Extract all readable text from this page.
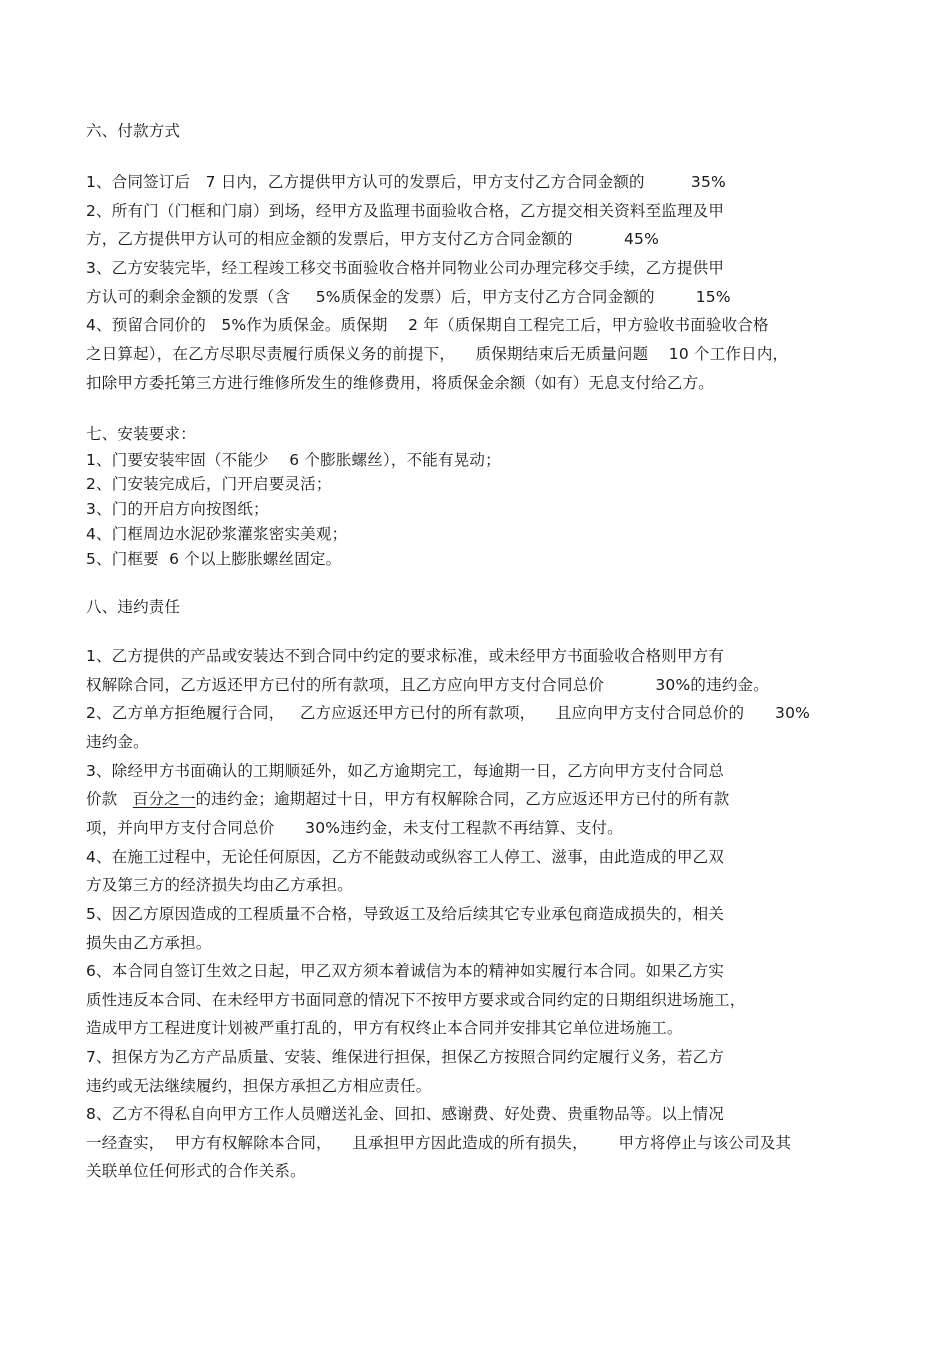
六、付款方式
1、合同签订后   7 日内，乙方提供甲方认可的发票后，甲方支付乙方合同金额的         35%
2、所有门（门框和门扇）到场，经甲方及监理书面验收合格，乙方提交相关资料至监理及甲
方，乙方提供甲方认可的相应金额的发票后，甲方支付乙方合同金额的          45%
3、乙方安装完毕，经工程竣工移交书面验收合格并同物业公司办理完移交手续，乙方提供甲
方认可的剩余金额的发票（含     5%质保金的发票）后，甲方支付乙方合同金额的        15%
4、预留合同价的   5%作为质保金。质保期    2 年（质保期自工程完工后，甲方验收书面验收合格
之日算起），在乙方尽职尽责履行质保义务的前提下，    质保期结束后无质量问题    10 个工作日内，
扣除甲方委托第三方进行维修所发生的维修费用，将质保金余额（如有）无息支付给乙方。
七、安装要求：
1、门要安装牢固（不能少    6 个膨胀螺丝），不能有晃动；
2、门安装完成后，门开启要灵活；
3、门的开启方向按图纸；
4、门框周边水泥砂浆灌浆密实美观；
5、门框要  6 个以上膨胀螺丝固定。
八、违约责任
1、乙方提供的产品或安装达不到合同中约定的要求标准，或未经甲方书面验收合格则甲方有
权解除合同，乙方返还甲方已付的所有款项，且乙方应向甲方支付合同总价          30%的违约金。
2、乙方单方拒绝履行合同，   乙方应返还甲方已付的所有款项，    且应向甲方支付合同总价的      30%
违约金。
3、除经甲方书面确认的工期顺延外，如乙方逾期完工，每逾期一日，乙方向甲方支付合同总
价款 百分之一的违约金；逾期超过十日，甲方有权解除合同，乙方应返还甲方已付的所有款
项，并向甲方支付合同总价      30%违约金，未支付工程款不再结算、支付。
4、在施工过程中，无论任何原因，乙方不能鼓动或纵容工人停工、滋事，由此造成的甲乙双
方及第三方的经济损失均由乙方承担。
5、因乙方原因造成的工程质量不合格，导致返工及给后续其它专业承包商造成损失的，相关
损失由乙方承担。
6、本合同自签订生效之日起，甲乙双方须本着诚信为本的精神如实履行本合同。如果乙方实
质性违反本合同、在未经甲方书面同意的情况下不按甲方要求或合同约定的日期组织进场施工，
造成甲方工程进度计划被严重打乱的，甲方有权终止本合同并安排其它单位进场施工。
7、担保方为乙方产品质量、安装、维保进行担保，担保乙方按照合同约定履行义务，若乙方
违约或无法继续履约，担保方承担乙方相应责任。
8、乙方不得私自向甲方工作人员赠送礼金、回扣、感谢费、好处费、贵重物品等。以上情况
一经查实，  甲方有权解除本合同，    且承担甲方因此造成的所有损失，      甲方将停止与该公司及其
关联单位任何形式的合作关系。
